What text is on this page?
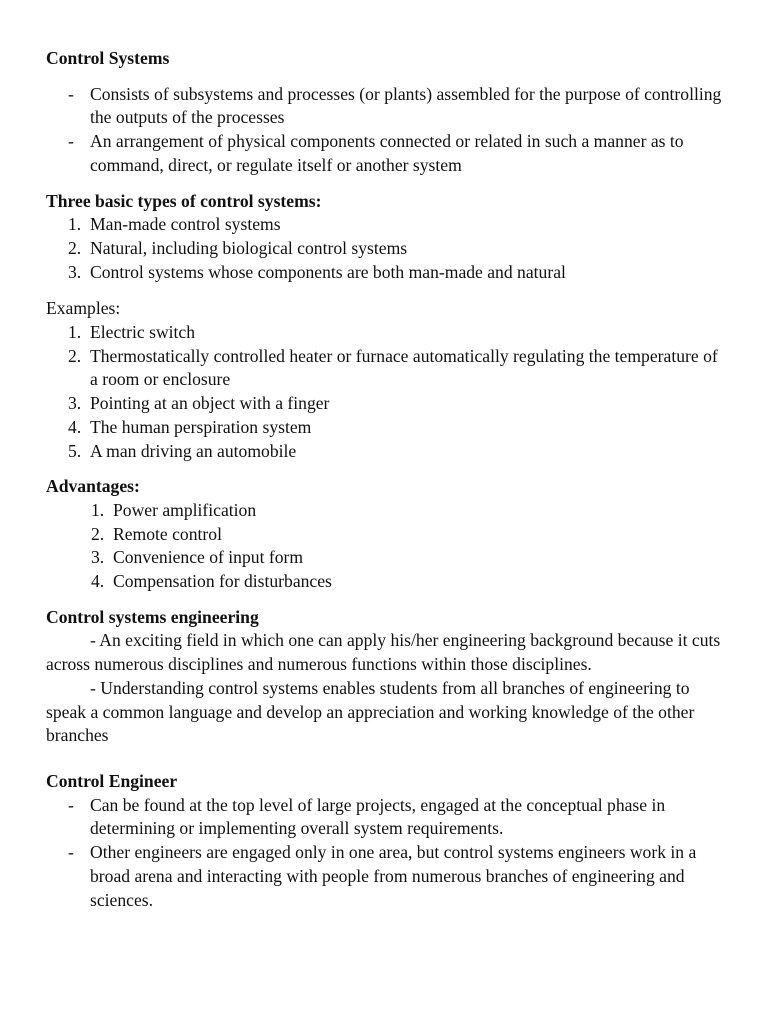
Control Systems

- Consists of subsystems and processes (or plants) assembled for the purpose of controlling the outputs of the processes
- An arrangement of physical components connected or related in such a manner as to command, direct, or regulate itself or another system

Three basic types of control systems:

1. Man-made control systems
2. Natural, including biological control systems
3. Control systems whose components are both man-made and natural

Examples:

1. Electric switch
2. Thermostatically controlled heater or furnace automatically regulating the temperature of a room or enclosure
3. Pointing at an object with a finger
4. The human perspiration system
5. A man driving an automobile

Advantages:

1. Power amplification
2. Remote control
3. Convenience of input form
4. Compensation for disturbances

Control systems engineering

- An exciting field in which one can apply his/her engineering background because it cuts across numerous disciplines and numerous functions within those disciplines.

- Understanding control systems enables students from all branches of engineering to speak a common language and develop an appreciation and working knowledge of the other branches

Control Engineer

- Can be found at the top level of large projects, engaged at the conceptual phase in determining or implementing overall system requirements.
- Other engineers are engaged only in one area, but control systems engineers work in a broad arena and interacting with people from numerous branches of engineering and sciences.
